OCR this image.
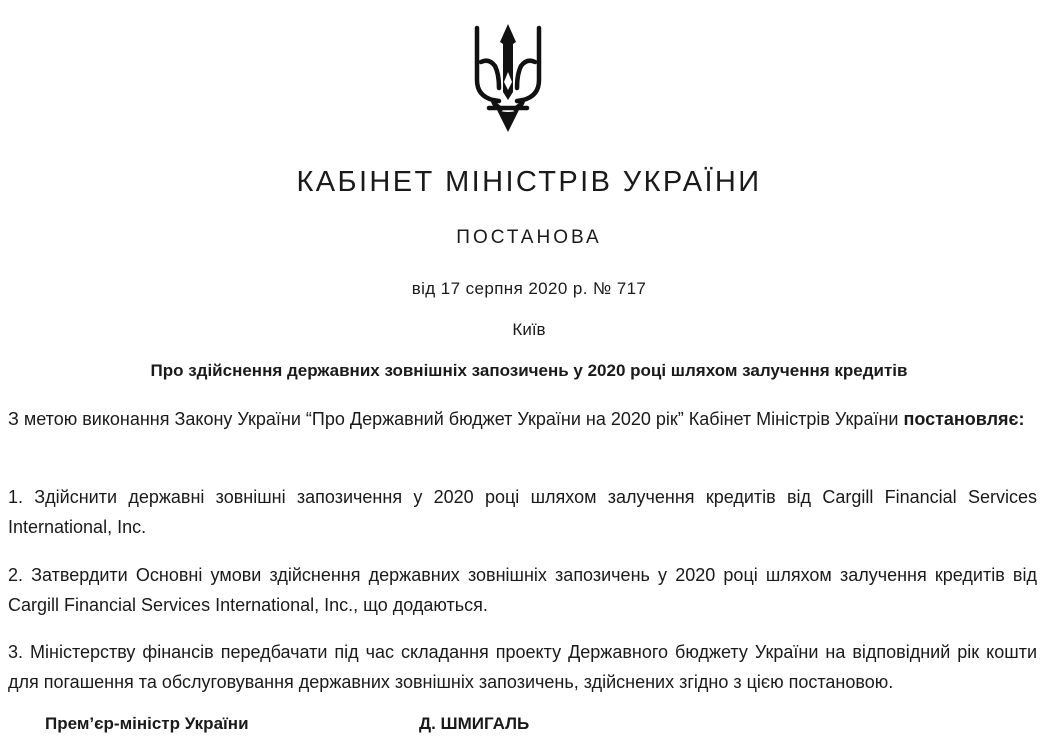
КАБІНЕТ МІНІСТРІВ УКРАЇНИ
ПОСТАНОВА
від 17 серпня 2020 р. № 717
Київ
Про здійснення державних зовнішніх запозичень у 2020 році шляхом залучення кредитів
З метою виконання Закону України “Про Державний бюджет України на 2020 рік” Кабінет Міністрів України постановляє:
1. Здійснити державні зовнішні запозичення у 2020 році шляхом залучення кредитів від Cargill Financial Services International, Inc.
2. Затвердити Основні умови здійснення державних зовнішніх запозичень у 2020 році шляхом залучення кредитів від Cargill Financial Services International, Inc., що додаються.
3. Міністерству фінансів передбачати під час складання проекту Державного бюджету України на відповідний рік кошти для погашення та обслуговування державних зовнішніх запозичень, здійснених згідно з цією постановою.
Прем’єр-міністр України	Д. ШМИГАЛЬ
